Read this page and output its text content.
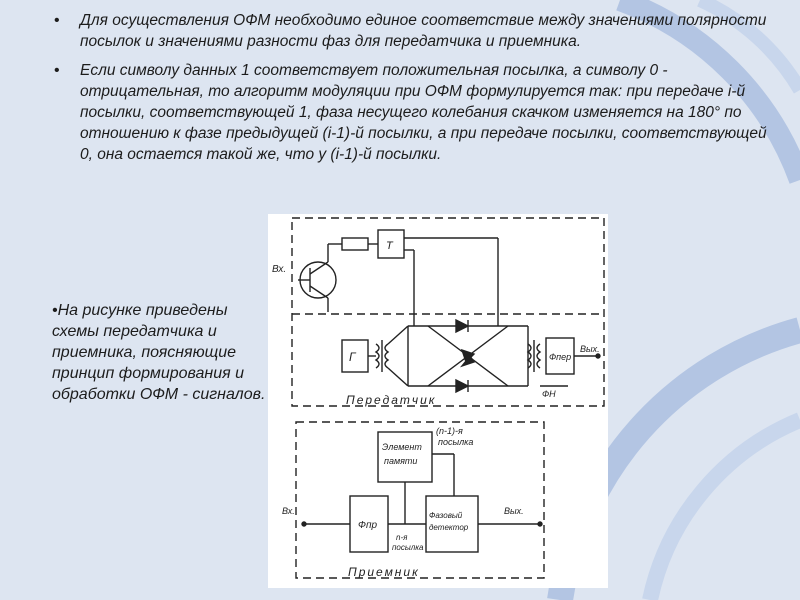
• Для осуществления ОФМ необходимо единое соответствие между значениями полярности посылок и значениями разности фаз для передатчика и приемника.
• Если символу данных 1 соответствует положительная посылка, а символу 0 - отрицательная, то алгоритм модуляции при ОФМ формулируется так: при передаче i-й посылки, соответствующей 1, фаза несущего колебания скачком изменяется на 180° по отношению к фазе предыдущей (i-1)-й посылки, а при передаче посылки, соответствующей 0, она остается такой же, что у (i-1)-й посылки.
•На рисунке приведены схемы передатчика и приемника, поясняющие принцип формирования и обработки ОФМ - сигналов.
Вх.
Т
Г	Фпер
Вых.
ФН
Передатчик
Элемент
памяти
(n-1)-я
посылка
Фпр
Фазовый
детектор
n-я
посылка
Вх.	Вых.
Приемник
